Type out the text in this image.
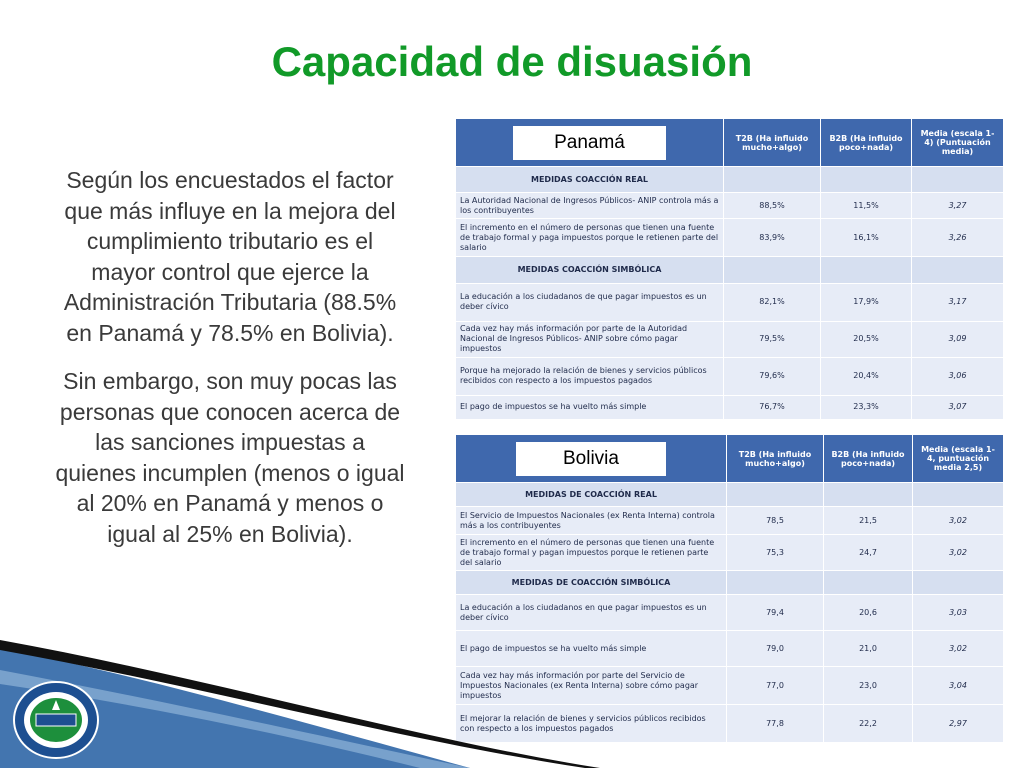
Capacidad de disuasión

Según los encuestados el factor que más influye en la mejora del cumplimiento tributario es el mayor control que ejerce la Administración Tributaria (88.5% en Panamá y 78.5% en Bolivia).

Sin embargo, son muy pocas las personas que conocen acerca de las sanciones impuestas a quienes incumplen (menos o igual al 20% en Panamá y menos o igual al 25% en Bolivia).

Panamá	T2B (Ha influido mucho+algo)	B2B (Ha influido poco+nada)	Media (escala 1-4) (Puntuación media)
MEDIDAS COACCIÓN REAL			
La Autoridad Nacional de Ingresos Públicos- ANIP controla más a los contribuyentes	88,5%	11,5%	3,27
El incremento en el número de personas que tienen una fuente de trabajo formal y paga impuestos porque le retienen parte del salario	83,9%	16,1%	3,26
MEDIDAS COACCIÓN SIMBÓLICA			
La educación a los ciudadanos de que pagar impuestos es un deber cívico	82,1%	17,9%	3,17
Cada vez hay más información por parte de la Autoridad Nacional de Ingresos Públicos- ANIP sobre cómo pagar impuestos	79,5%	20,5%	3,09
Porque ha mejorado la relación de bienes y servicios públicos recibidos con respecto a los impuestos pagados	79,6%	20,4%	3,06
El pago de impuestos se ha vuelto más simple	76,7%	23,3%	3,07
Bolivia	T2B (Ha influido mucho+algo)	B2B (Ha influido poco+nada)	Media (escala 1-4, puntuación media 2,5)
MEDIDAS DE COACCIÓN REAL			
El Servicio de Impuestos Nacionales (ex Renta Interna) controla más a los contribuyentes	78,5	21,5	3,02
El incremento en el número de personas que tienen una fuente de trabajo formal y pagan impuestos porque le retienen parte del salario	75,3	24,7	3,02
MEDIDAS DE COACCIÓN SIMBÓLICA			
La educación a los ciudadanos en que pagar impuestos es un deber cívico	79,4	20,6	3,03
El pago de impuestos se ha vuelto más simple	79,0	21,0	3,02
Cada vez hay más información por parte del Servicio de Impuestos Nacionales (ex Renta Interna) sobre cómo pagar impuestos	77,0	23,0	3,04
El mejorar la relación de bienes y servicios públicos recibidos con respecto a los impuestos pagados	77,8	22,2	2,97
